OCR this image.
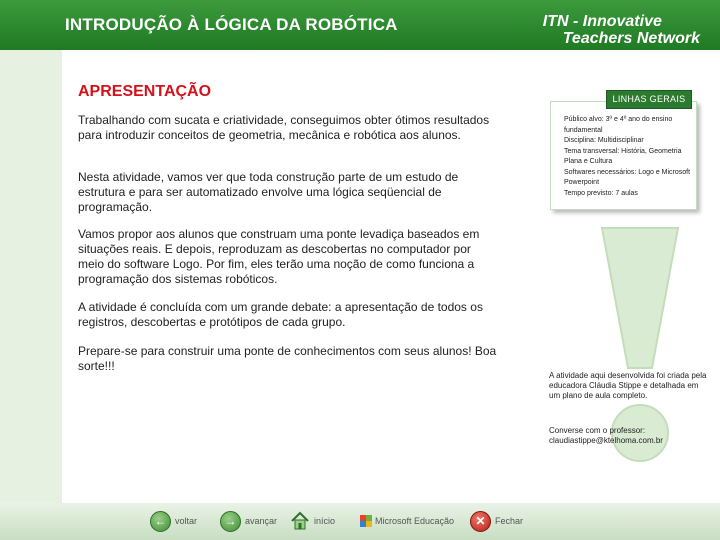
INTRODUÇÃO À LÓGICA DA ROBÓTICA	ITN - Innovative
Teachers Network
APRESENTAÇÃO
Trabalhando com sucata e criatividade, conseguimos obter ótimos resultados para introduzir conceitos de geometria, mecânica e robótica aos alunos.
Nesta atividade, vamos ver que toda construção parte de um estudo de estrutura e para ser automatizado envolve uma lógica seqüencial de programação.
Vamos propor aos alunos que construam uma ponte levadiça baseados em situações reais. E depois, reproduzam as descobertas no computador por meio do software Logo. Por fim, eles terão uma noção de como funciona a programação dos sistemas robóticos.
A atividade é concluída com um grande debate: a apresentação de todos os registros, descobertas e protótipos de cada grupo.
Prepare-se para construir uma ponte de conhecimentos com seus alunos! Boa sorte!!!
LINHAS GERAIS
Público alvo: 3º e 4º ano do ensino fundamental
Disciplina: Multidisciplinar
Tema transversal: História, Geometria Plana e Cultura
Softwares necessários: Logo e Microsoft Powerpoint
Tempo previsto: 7 aulas
A atividade aqui desenvolvida foi criada pela educadora Cláudia Stippe e detalhada em um plano de aula completo.
Converse com o professor: claudiastippe@ktelhoma.com.br
← voltar	→ avançar	início	Microsoft Educação	✕	Fechar
